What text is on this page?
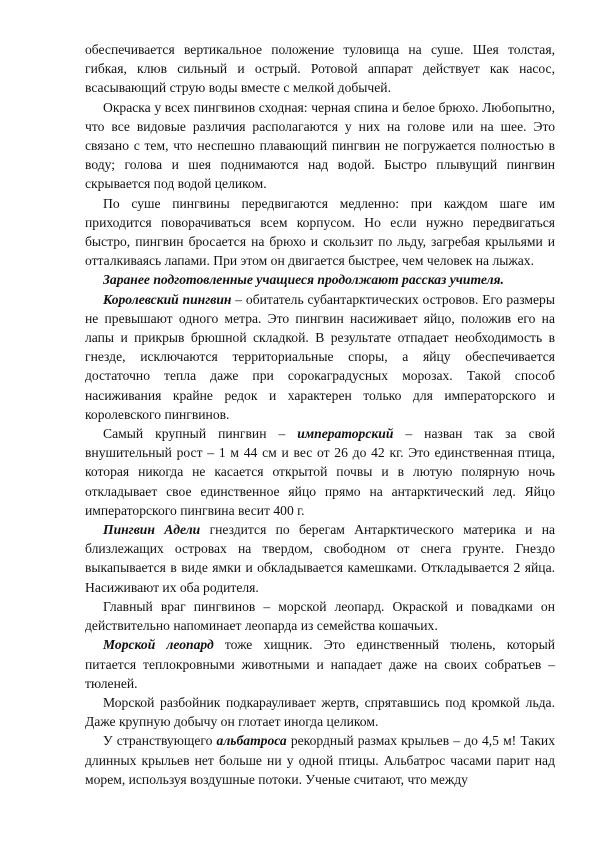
обеспечивается вертикальное положение туловища на суше. Шея толстая, гибкая, клюв сильный и острый. Ротовой аппарат действует как насос, всасывающий струю воды вместе с мелкой добычей.

Окраска у всех пингвинов сходная: черная спина и белое брюхо. Любопытно, что все видовые различия располагаются у них на голове или на шее. Это связано с тем, что неспешно плавающий пингвин не погружается полностью в воду; голова и шея поднимаются над водой. Быстро плывущий пингвин скрывается под водой целиком.

По суше пингвины передвигаются медленно: при каждом шаге им приходится поворачиваться всем корпусом. Но если нужно передвигаться быстро, пингвин бросается на брюхо и скользит по льду, загребая крыльями и отталкиваясь лапами. При этом он двигается быстрее, чем человек на лыжах.

Заранее подготовленные учащиеся продолжают рассказ учителя.

Королевский пингвин – обитатель субантарктических островов. Его размеры не превышают одного метра. Это пингвин насиживает яйцо, положив его на лапы и прикрыв брюшной складкой. В результате отпадает необходимость в гнезде, исключаются территориальные споры, а яйцу обеспечивается достаточно тепла даже при сорокаградусных морозах. Такой способ насиживания крайне редок и характерен только для императорского и королевского пингвинов.

Самый крупный пингвин – императорский – назван так за свой внушительный рост – 1 м 44 см и вес от 26 до 42 кг. Это единственная птица, которая никогда не касается открытой почвы и в лютую полярную ночь откладывает свое единственное яйцо прямо на антарктический лед. Яйцо императорского пингвина весит 400 г.

Пингвин Адели гнездится по берегам Антарктического материка и на близлежащих островах на твердом, свободном от снега грунте. Гнездо выкапывается в виде ямки и обкладывается камешками. Откладывается 2 яйца. Насиживают их оба родителя.

Главный враг пингвинов – морской леопард. Окраской и повадками он действительно напоминает леопарда из семейства кошачьих.

Морской леопард тоже хищник. Это единственный тюлень, который питается теплокровными животными и нападает даже на своих собратьев – тюленей.

Морской разбойник подкарауливает жертв, спрятавшись под кромкой льда. Даже крупную добычу он глотает иногда целиком.

У странствующего альбатроса рекордный размах крыльев – до 4,5 м! Таких длинных крыльев нет больше ни у одной птицы. Альбатрос часами парит над морем, используя воздушные потоки. Ученые считают, что между
